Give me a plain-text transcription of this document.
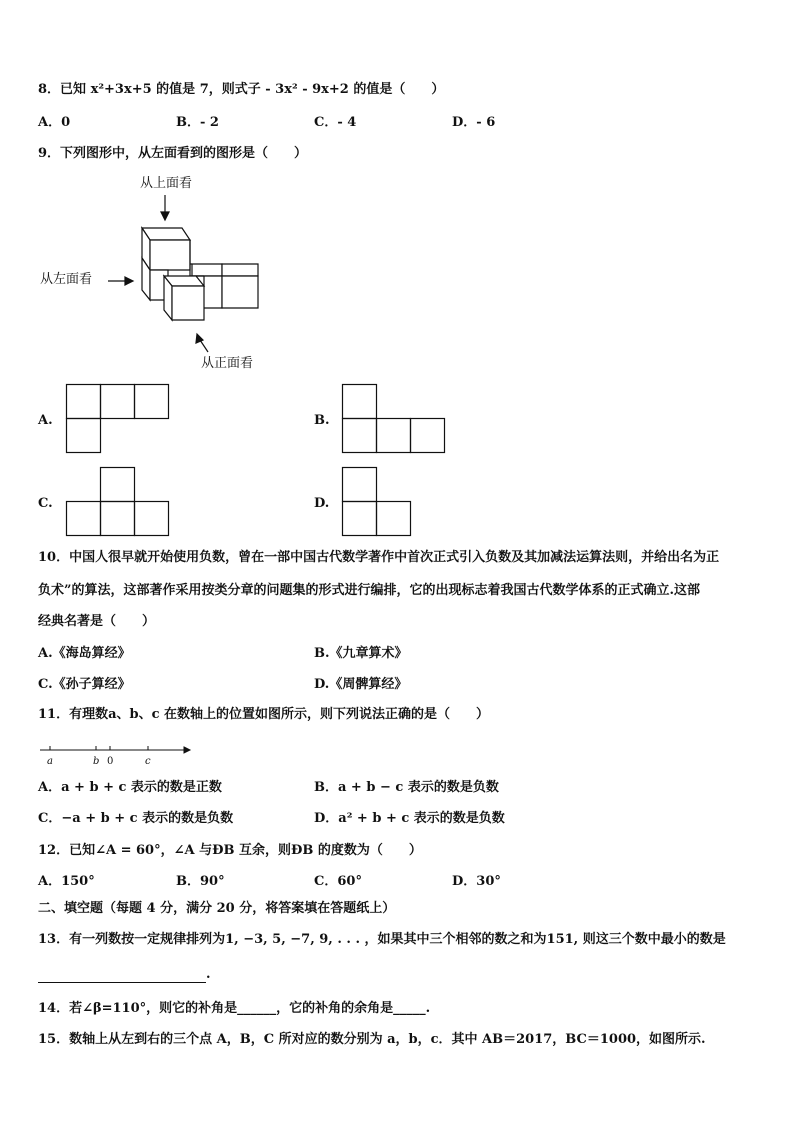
8．已知 x²+3x+5 的值是 7，则式子 - 3x² - 9x+2 的值是（　　）
A．0	B．- 2	C．- 4	D．- 6
9．下列图形中，从左面看到的图形是（　　）
从上面看
从左面看
从正面看
A.	B.
C.	D.
10．中国人很早就开始使用负数，曾在一部中国古代数学著作中首次正式引入负数及其加减法运算法则，并给出名为正
负术”的算法，这部著作采用按类分章的问题集的形式进行编排，它的出现标志着我国古代数学体系的正式确立.这部
经典名著是（　　）
A.《海岛算经》	B.《九章算术》
C.《孙子算经》	D.《周髀算经》
11．有理数a、b、c 在数轴上的位置如图所示，则下列说法正确的是（　　）
a	b 0	c
A．a + b + c 表示的数是正数	B．a + b − c 表示的数是负数
C．−a + b + c 表示的数是负数	D．a² + b + c 表示的数是负数
12．已知∠A = 60°，∠A 与ÐB 互余，则ÐB 的度数为（　　）
A．150°	B．90°	C．60°	D．30°
二、填空题（每题 4 分，满分 20 分，将答案填在答题纸上）
13．有一列数按一定规律排列为1, −3, 5, −7, 9, . . . ，如果其中三个相邻的数之和为151, 则这三个数中最小的数是
.
14．若∠β=110°，则它的补角是______，它的补角的余角是_____.
15．数轴上从左到右的三个点 A，B，C 所对应的数分别为 a，b，c．其中 AB＝2017，BC＝1000，如图所示.
